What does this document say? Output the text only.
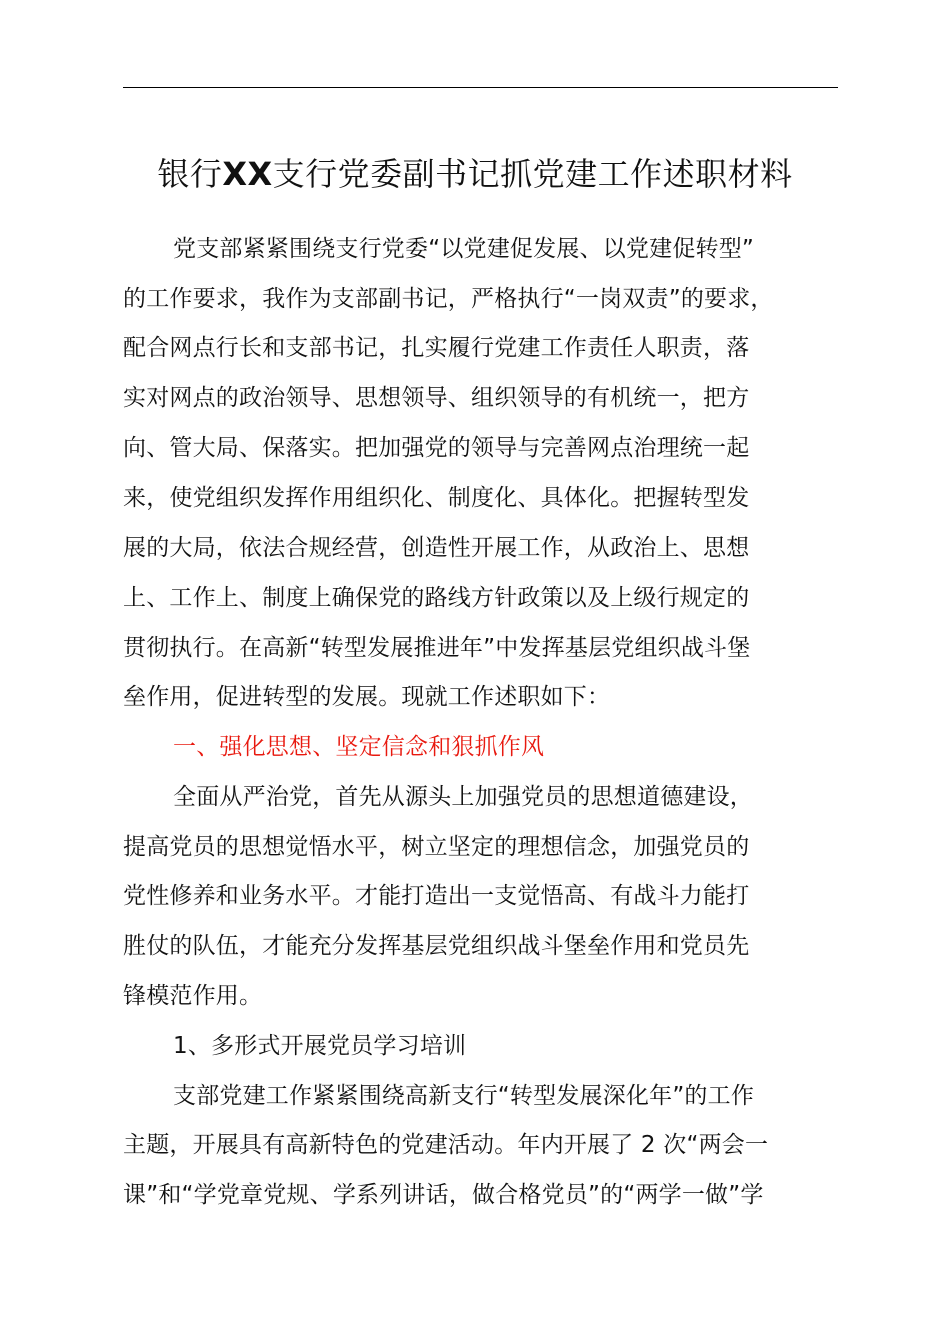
银行XX支行党委副书记抓党建工作述职材料
党支部紧紧围绕支行党委“以党建促发展、以党建促转型”
的工作要求，我作为支部副书记，严格执行“一岗双责”的要求，
配合网点行长和支部书记，扎实履行党建工作责任人职责，落
实对网点的政治领导、思想领导、组织领导的有机统一，把方
向、管大局、保落实。把加强党的领导与完善网点治理统一起
来，使党组织发挥作用组织化、制度化、具体化。把握转型发
展的大局，依法合规经营，创造性开展工作，从政治上、思想
上、工作上、制度上确保党的路线方针政策以及上级行规定的
贯彻执行。在高新“转型发展推进年”中发挥基层党组织战斗堡
垒作用，促进转型的发展。现就工作述职如下：
一、强化思想、坚定信念和狠抓作风
全面从严治党，首先从源头上加强党员的思想道德建设，
提高党员的思想觉悟水平，树立坚定的理想信念，加强党员的
党性修养和业务水平。才能打造出一支觉悟高、有战斗力能打
胜仗的队伍，才能充分发挥基层党组织战斗堡垒作用和党员先
锋模范作用。
1、多形式开展党员学习培训
支部党建工作紧紧围绕高新支行“转型发展深化年”的工作
主题，开展具有高新特色的党建活动。年内开展了 2 次“两会一
课”和“学党章党规、学系列讲话，做合格党员”的“两学一做”学
